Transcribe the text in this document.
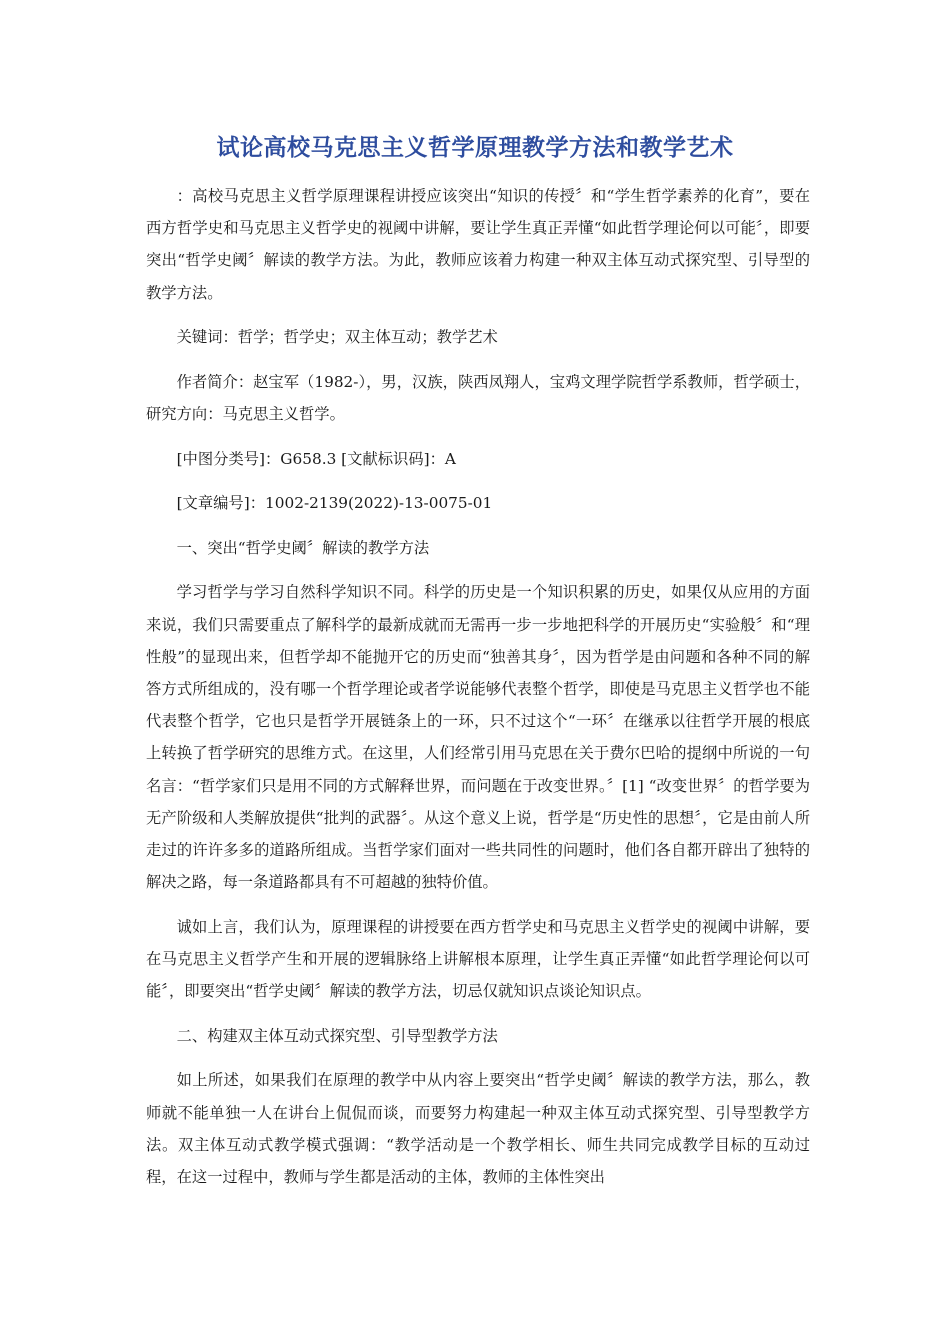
试论高校马克思主义哲学原理教学方法和教学艺术

：高校马克思主义哲学原理课程讲授应该突出“知识的传授〞和“学生哲学素养的化育”，要在西方哲学史和马克思主义哲学史的视阈中讲解，要让学生真正弄懂“如此哲学理论何以可能〞，即要突出“哲学史阈〞解读的教学方法。为此，教师应该着力构建一种双主体互动式探究型、引导型的教学方法。

关键词：哲学；哲学史；双主体互动；教学艺术

作者简介：赵宝军（1982-），男，汉族，陕西凤翔人，宝鸡文理学院哲学系教师，哲学硕士，研究方向：马克思主义哲学。

[中图分类号]：G658.3 [文献标识码]：A

[文章编号]：1002-2139(2022)-13-0075-01

一、突出“哲学史阈〞解读的教学方法

学习哲学与学习自然科学知识不同。科学的历史是一个知识积累的历史，如果仅从应用的方面来说，我们只需要重点了解科学的最新成就而无需再一步一步地把科学的开展历史“实验般〞和“理性般”的显现出来，但哲学却不能抛开它的历史而“独善其身〞，因为哲学是由问题和各种不同的解答方式所组成的，没有哪一个哲学理论或者学说能够代表整个哲学，即使是马克思主义哲学也不能代表整个哲学，它也只是哲学开展链条上的一环，只不过这个“一环〞在继承以往哲学开展的根底上转换了哲学研究的思维方式。在这里，人们经常引用马克思在关于费尔巴哈的提纲中所说的一句名言：“哲学家们只是用不同的方式解释世界，而问题在于改变世界。〞[1] “改变世界〞的哲学要为无产阶级和人类解放提供“批判的武器〞。从这个意义上说，哲学是“历史性的思想〞，它是由前人所走过的许许多多的道路所组成。当哲学家们面对一些共同性的问题时，他们各自都开辟出了独特的解决之路，每一条道路都具有不可超越的独特价值。

诚如上言，我们认为，原理课程的讲授要在西方哲学史和马克思主义哲学史的视阈中讲解，要在马克思主义哲学产生和开展的逻辑脉络上讲解根本原理，让学生真正弄懂“如此哲学理论何以可能〞，即要突出“哲学史阈〞解读的教学方法，切忌仅就知识点谈论知识点。

二、构建双主体互动式探究型、引导型教学方法

如上所述，如果我们在原理的教学中从内容上要突出“哲学史阈〞解读的教学方法，那么，教师就不能单独一人在讲台上侃侃而谈，而要努力构建起一种双主体互动式探究型、引导型教学方法。双主体互动式教学模式强调：“教学活动是一个教学相长、师生共同完成教学目标的互动过程，在这一过程中，教师与学生都是活动的主体，教师的主体性突出
